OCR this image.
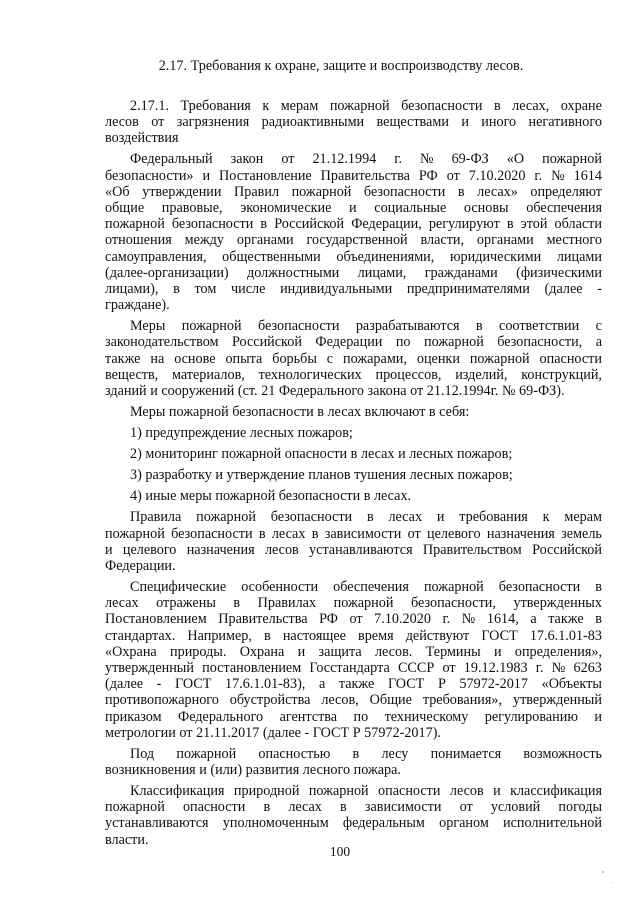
2.17. Требования к охране, защите и воспроизводству лесов.
2.17.1. Требования к мерам пожарной безопасности в лесах, охране
лесов от загрязнения радиоактивными веществами и иного негативного
воздействия
Федеральный закон от 21.12.1994 г. № 69-ФЗ «О пожарной
безопасности» и Постановление Правительства РФ от 7.10.2020 г. № 1614
«Об утверждении Правил пожарной безопасности в лесах» определяют
общие правовые, экономические и социальные основы обеспечения
пожарной безопасности в Российской Федерации, регулируют в этой области
отношения между органами государственной власти, органами местного
самоуправления, общественными объединениями, юридическими лицами
(далее-организации) должностными лицами, гражданами (физическими
лицами), в том числе индивидуальными предпринимателями (далее -
граждане).
Меры пожарной безопасности разрабатываются в соответствии с
законодательством Российской Федерации по пожарной безопасности, а
также на основе опыта борьбы с пожарами, оценки пожарной опасности
веществ, материалов, технологических процессов, изделий, конструкций,
зданий и сооружений (ст. 21 Федерального закона от 21.12.1994г. № 69-ФЗ).
Меры пожарной безопасности в лесах включают в себя:
1) предупреждение лесных пожаров;
2) мониторинг пожарной опасности в лесах и лесных пожаров;
3) разработку и утверждение планов тушения лесных пожаров;
4) иные меры пожарной безопасности в лесах.
Правила пожарной безопасности в лесах и требования к мерам
пожарной безопасности в лесах в зависимости от целевого назначения земель
и целевого назначения лесов устанавливаются Правительством Российской
Федерации.
Специфические особенности обеспечения пожарной безопасности в
лесах отражены в Правилах пожарной безопасности, утвержденных
Постановлением Правительства РФ от 7.10.2020 г. № 1614, а также в
стандартах. Например, в настоящее время действуют ГОСТ 17.6.1.01-83
«Охрана природы. Охрана и защита лесов. Термины и определения»,
утвержденный постановлением Госстандарта СССР от 19.12.1983 г. № 6263
(далее - ГОСТ 17.6.1.01-83), а также ГОСТ Р 57972-2017 «Объекты
противопожарного обустройства лесов, Общие требования», утвержденный
приказом Федерального агентства по техническому регулированию и
метрологии от 21.11.2017 (далее - ГОСТ Р 57972-2017).
Под пожарной опасностью в лесу понимается возможность
возникновения и (или) развития лесного пожара.
Классификация природной пожарной опасности лесов и классификация
пожарной опасности в лесах в зависимости от условий погоды
устанавливаются уполномоченным федеральным органом исполнительной
власти.
100
